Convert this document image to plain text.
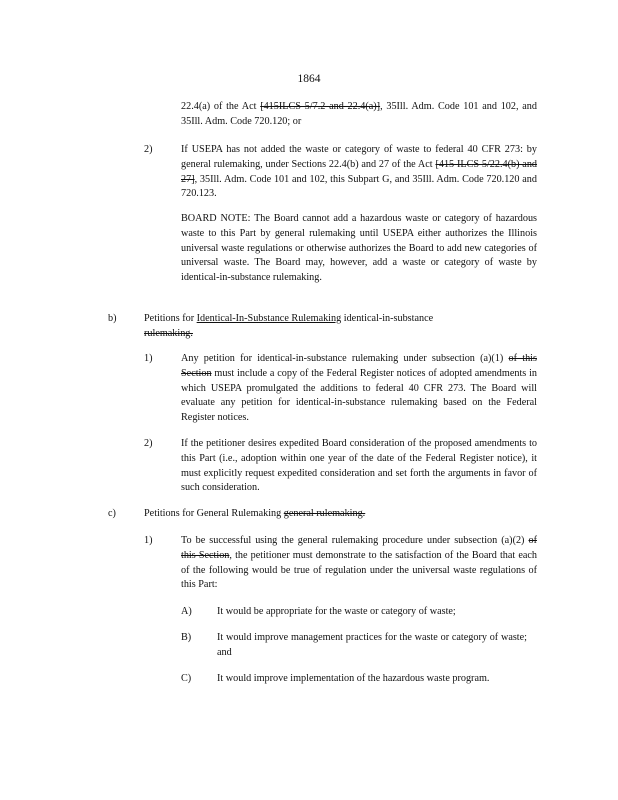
1864
22.4(a) of the Act [415ILCS 5/7.2 and 22.4(a)], 35Ill. Adm. Code 101 and 102, and 35Ill. Adm. Code 720.120; or
2)	If USEPA has not added the waste or category of waste to federal 40 CFR 273: by general rulemaking, under Sections 22.4(b) and 27 of the Act [415 ILCS 5/22.4(b) and 27], 35Ill. Adm. Code 101 and 102, this Subpart G, and 35Ill. Adm. Code 720.120 and 720.123.
BOARD NOTE: The Board cannot add a hazardous waste or category of hazardous waste to this Part by general rulemaking until USEPA either authorizes the Illinois universal waste regulations or otherwise authorizes the Board to add new categories of universal waste. The Board may, however, add a waste or category of waste by identical-in-substance rulemaking.
b)	Petitions for Identical-In-Substance Rulemaking identical-in-substance rulemaking.
1)	Any petition for identical-in-substance rulemaking under subsection (a)(1) of this Section must include a copy of the Federal Register notices of adopted amendments in which USEPA promulgated the additions to federal 40 CFR 273. The Board will evaluate any petition for identical-in-substance rulemaking based on the Federal Register notices.
2)	If the petitioner desires expedited Board consideration of the proposed amendments to this Part (i.e., adoption within one year of the date of the Federal Register notice), it must explicitly request expedited consideration and set forth the arguments in favor of such consideration.
c)	Petitions for General Rulemaking general rulemaking.
1)	To be successful using the general rulemaking procedure under subsection (a)(2) of this Section, the petitioner must demonstrate to the satisfaction of the Board that each of the following would be true of regulation under the universal waste regulations of this Part:
A) It would be appropriate for the waste or category of waste;
B)	It would improve management practices for the waste or category of waste; and
C)	It would improve implementation of the hazardous waste program.
